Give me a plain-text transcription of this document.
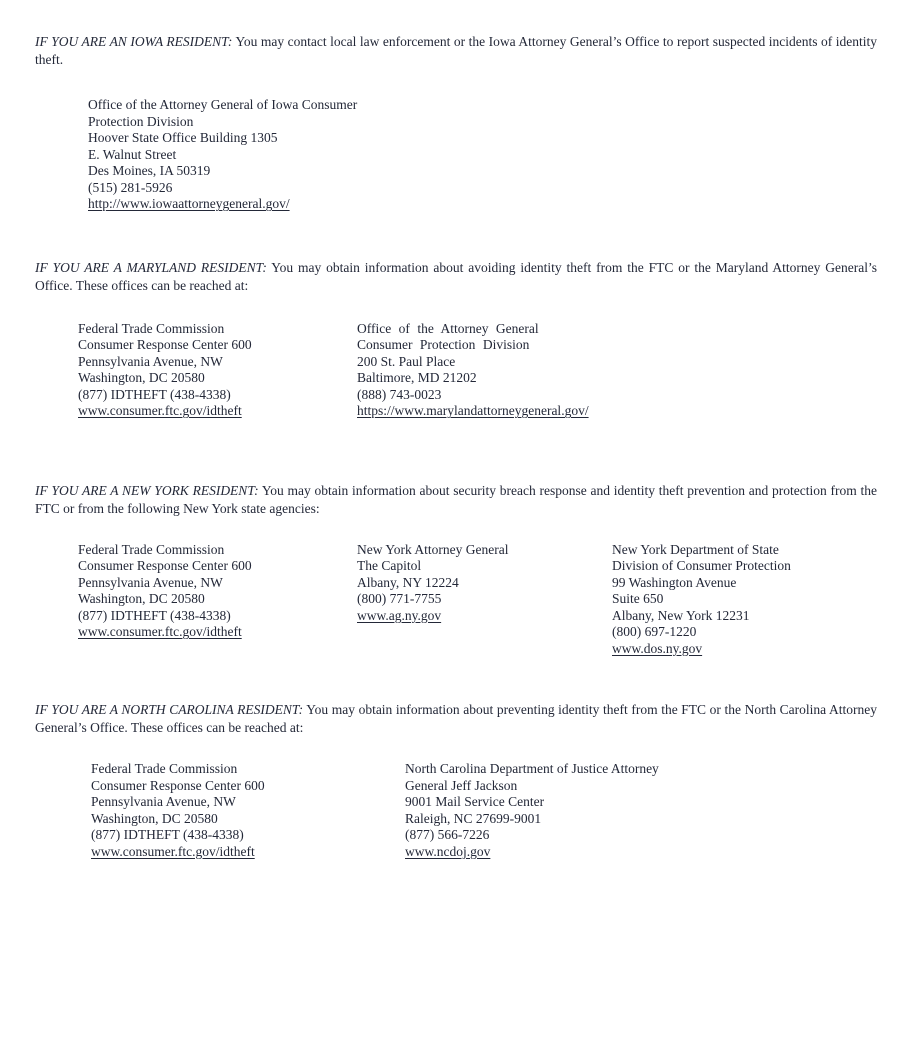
IF YOU ARE AN IOWA RESIDENT: You may contact local law enforcement or the Iowa Attorney General’s Office to report suspected incidents of identity theft.

Office of the Attorney General of Iowa Consumer
Protection Division
Hoover State Office Building 1305
E. Walnut Street
Des Moines, IA 50319
(515) 281-5926
http://www.iowaattorneygeneral.gov/

IF YOU ARE A MARYLAND RESIDENT: You may obtain information about avoiding identity theft from the FTC or the Maryland Attorney General’s Office. These offices can be reached at:

Federal Trade Commission
Consumer Response Center 600
Pennsylvania Avenue, NW
Washington, DC 20580
(877) IDTHEFT (438-4338)
www.consumer.ftc.gov/idtheft
Office of the Attorney General
Consumer Protection Division
200 St. Paul Place
Baltimore, MD 21202
(888) 743-0023
https://www.marylandattorneygeneral.gov/

IF YOU ARE A NEW YORK RESIDENT: You may obtain information about security breach response and identity theft prevention and protection from the FTC or from the following New York state agencies:

Federal Trade Commission
Consumer Response Center 600
Pennsylvania Avenue, NW
Washington, DC 20580
(877) IDTHEFT (438-4338)
www.consumer.ftc.gov/idtheft
New York Attorney General
The Capitol
Albany, NY 12224
(800) 771-7755
www.ag.ny.gov
New York Department of State
Division of Consumer Protection
99 Washington Avenue
Suite 650
Albany, New York 12231
(800) 697-1220
www.dos.ny.gov

IF YOU ARE A NORTH CAROLINA RESIDENT: You may obtain information about preventing identity theft from the FTC or the North Carolina Attorney General’s Office. These offices can be reached at:

Federal Trade Commission
Consumer Response Center 600
Pennsylvania Avenue, NW
Washington, DC 20580
(877) IDTHEFT (438-4338)
www.consumer.ftc.gov/idtheft
North Carolina Department of Justice Attorney
General Jeff Jackson
9001 Mail Service Center
Raleigh, NC 27699-9001
(877) 566-7226
www.ncdoj.gov
